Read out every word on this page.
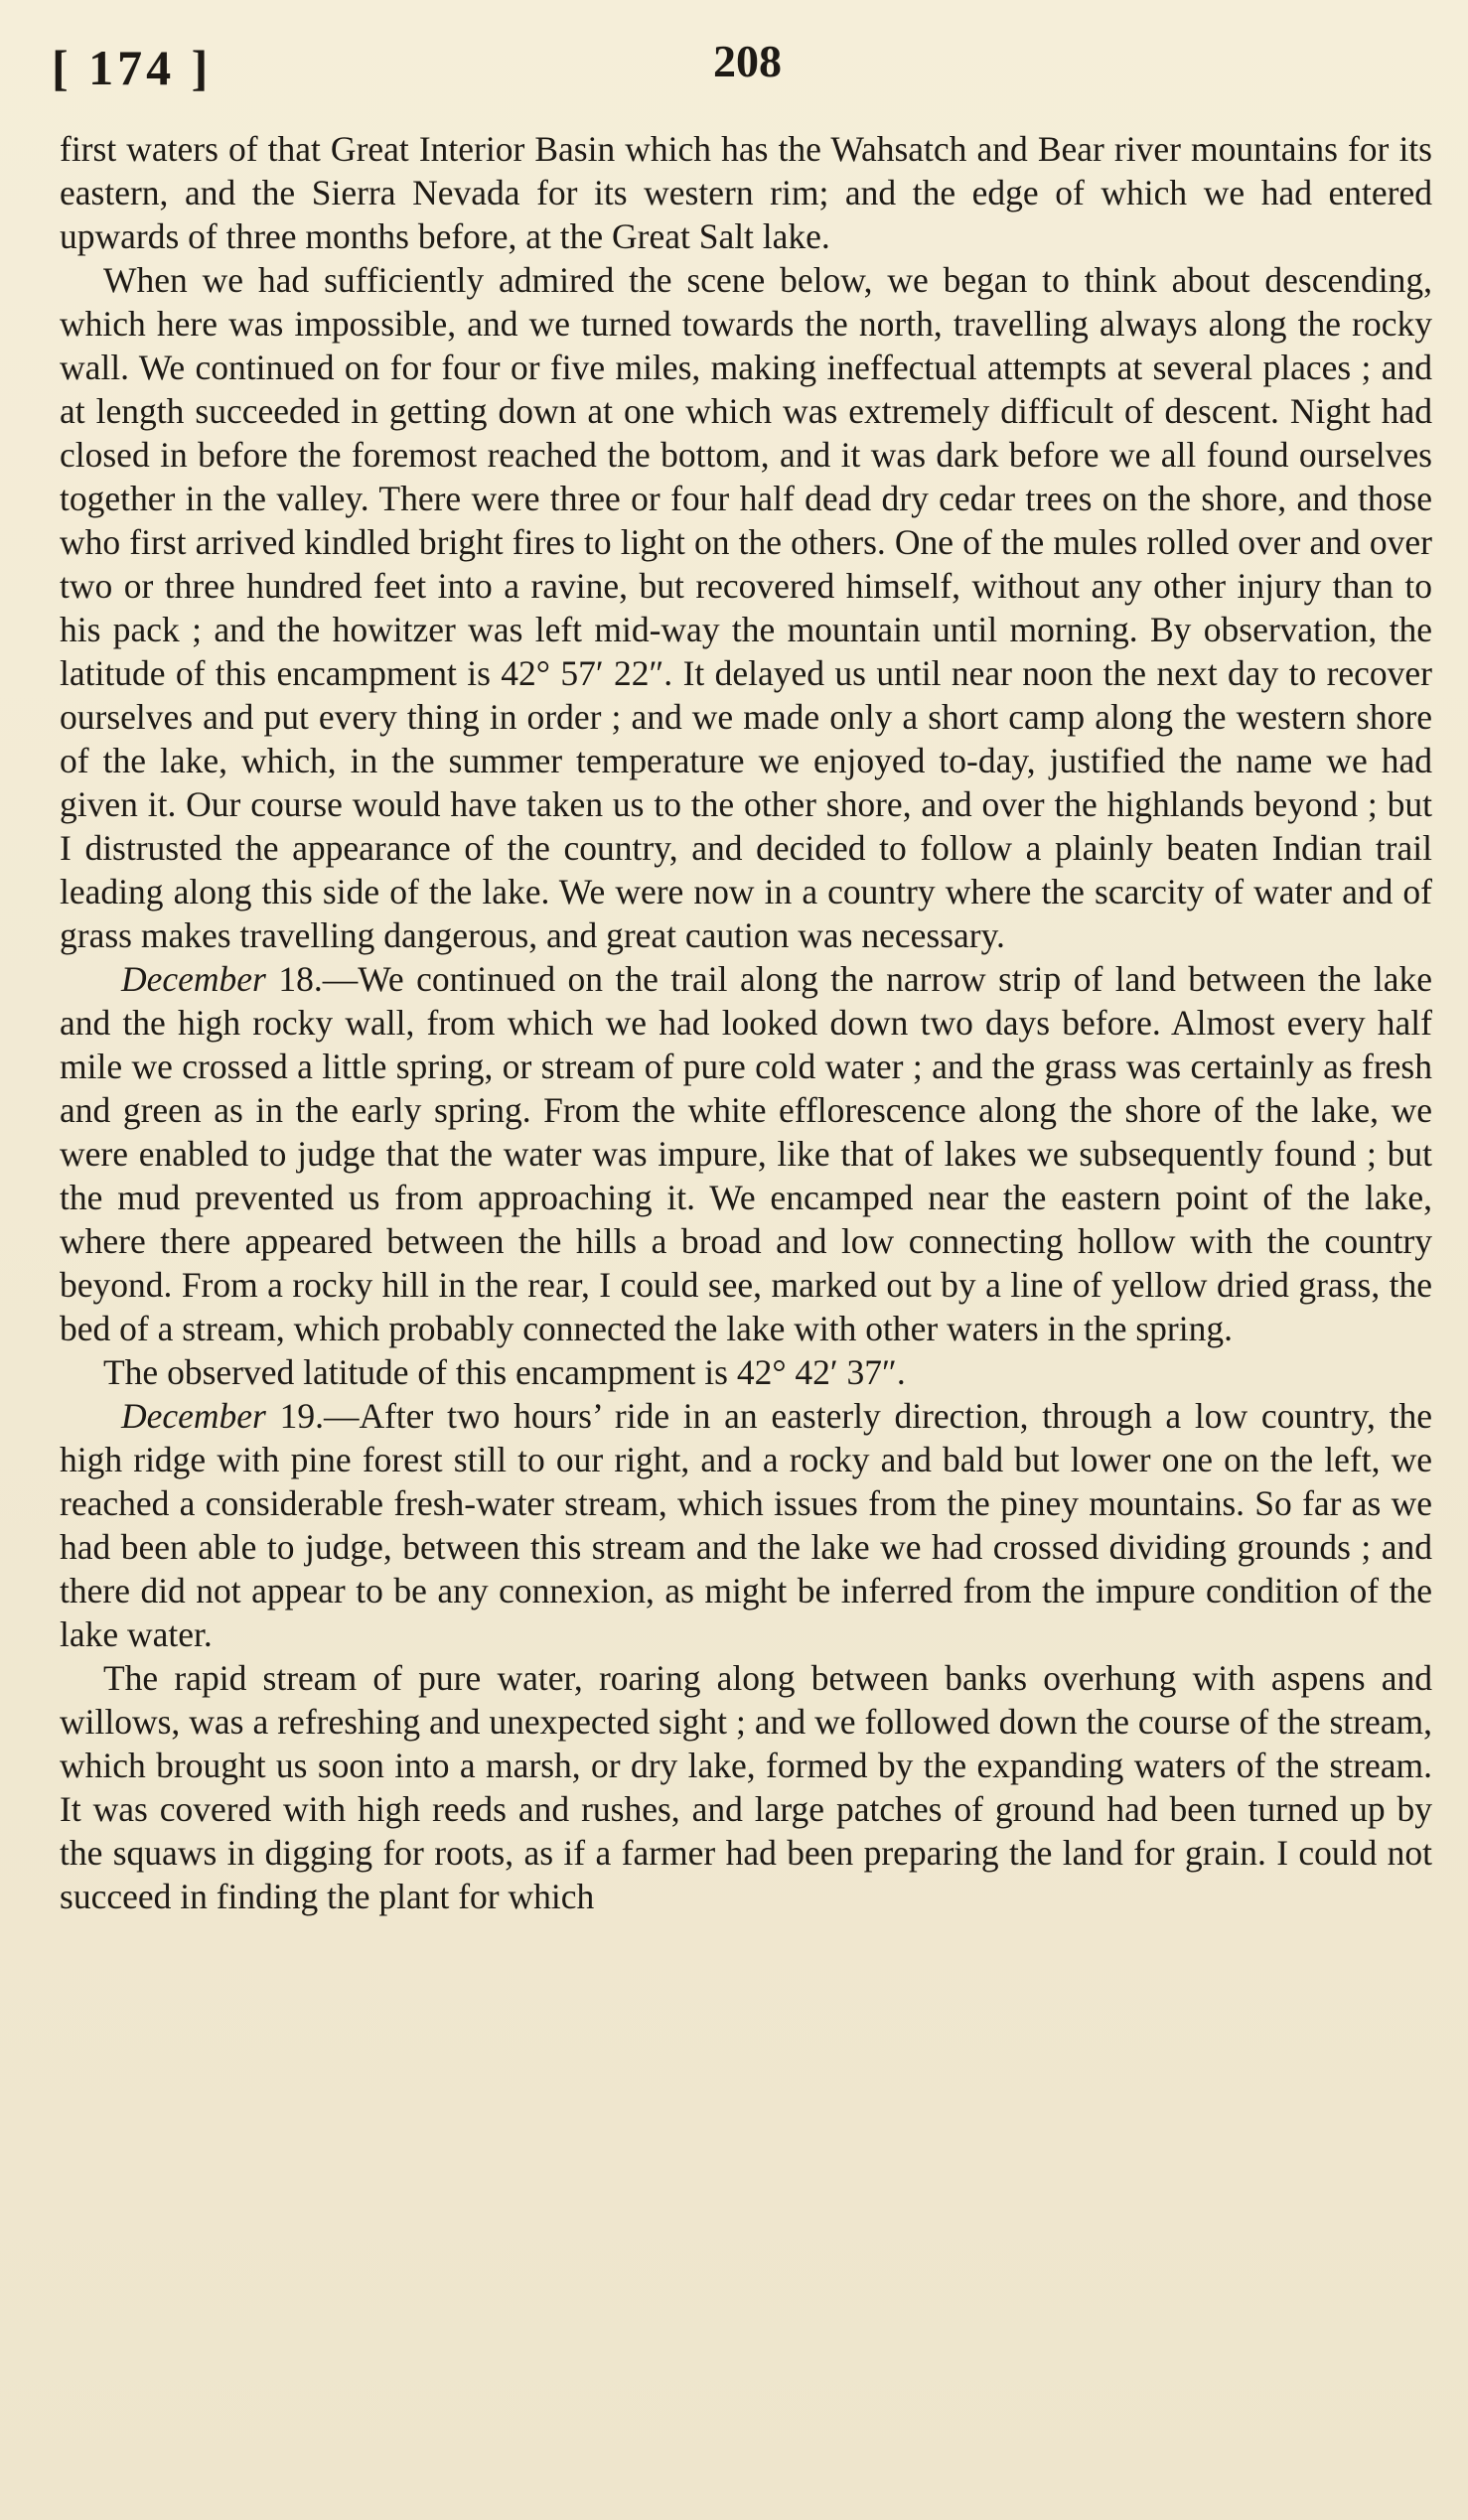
[ 174 ]	208

first waters of that Great Interior Basin which has the Wahsatch and Bear river mountains for its eastern, and the Sierra Nevada for its western rim; and the edge of which we had entered upwards of three months before, at the Great Salt lake.

When we had sufficiently admired the scene below, we began to think about descending, which here was impossible, and we turned towards the north, travelling always along the rocky wall. We continued on for four or five miles, making ineffectual attempts at several places ; and at length succeeded in getting down at one which was extremely difficult of descent. Night had closed in before the foremost reached the bottom, and it was dark before we all found ourselves together in the valley. There were three or four half dead dry cedar trees on the shore, and those who first arrived kindled bright fires to light on the others. One of the mules rolled over and over two or three hundred feet into a ravine, but recovered himself, without any other injury than to his pack ; and the howitzer was left mid-way the mountain until morning. By observation, the latitude of this encampment is 42° 57′ 22″. It delayed us until near noon the next day to recover ourselves and put every thing in order ; and we made only a short camp along the western shore of the lake, which, in the summer temperature we enjoyed to-day, justified the name we had given it. Our course would have taken us to the other shore, and over the highlands beyond ; but I distrusted the appearance of the country, and decided to follow a plainly beaten Indian trail leading along this side of the lake. We were now in a country where the scarcity of water and of grass makes travelling dangerous, and great caution was necessary.

December 18.—We continued on the trail along the narrow strip of land between the lake and the high rocky wall, from which we had looked down two days before. Almost every half mile we crossed a little spring, or stream of pure cold water ; and the grass was certainly as fresh and green as in the early spring. From the white efflorescence along the shore of the lake, we were enabled to judge that the water was impure, like that of lakes we subsequently found ; but the mud prevented us from approaching it. We encamped near the eastern point of the lake, where there appeared between the hills a broad and low connecting hollow with the country beyond. From a rocky hill in the rear, I could see, marked out by a line of yellow dried grass, the bed of a stream, which probably connected the lake with other waters in the spring.

The observed latitude of this encampment is 42° 42′ 37″.

December 19.—After two hours’ ride in an easterly direction, through a low country, the high ridge with pine forest still to our right, and a rocky and bald but lower one on the left, we reached a considerable fresh-water stream, which issues from the piney mountains. So far as we had been able to judge, between this stream and the lake we had crossed dividing grounds ; and there did not appear to be any connexion, as might be inferred from the impure condition of the lake water.

The rapid stream of pure water, roaring along between banks overhung with aspens and willows, was a refreshing and unexpected sight ; and we followed down the course of the stream, which brought us soon into a marsh, or dry lake, formed by the expanding waters of the stream. It was covered with high reeds and rushes, and large patches of ground had been turned up by the squaws in digging for roots, as if a farmer had been preparing the land for grain. I could not succeed in finding the plant for which
